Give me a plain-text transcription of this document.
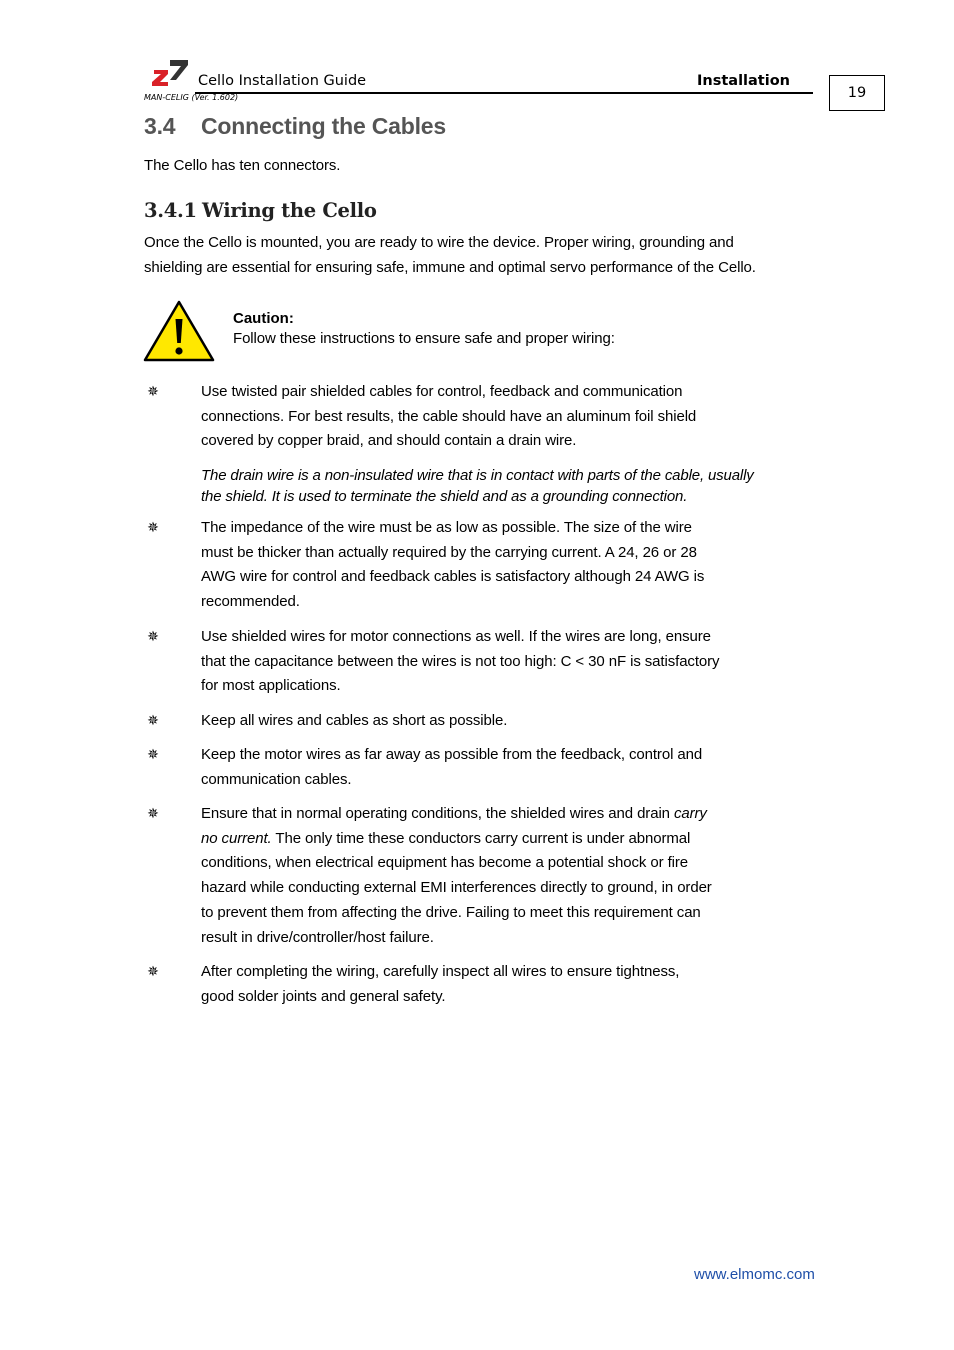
Cello Installation Guide	Installation
MAN-CELIG (Ver. 1.602)	19
3.4 Connecting the Cables
The Cello has ten connectors.
3.4.1 Wiring the Cello
Once the Cello is mounted, you are ready to wire the device. Proper wiring, grounding and
shielding are essential for ensuring safe, immune and optimal servo performance of the Cello.
Caution:
Follow these instructions to ensure safe and proper wiring:
✵	Use twisted pair shielded cables for control, feedback and communication
connections. For best results, the cable should have an aluminum foil shield
covered by copper braid, and should contain a drain wire.
The drain wire is a non-insulated wire that is in contact with parts of the cable, usually
the shield. It is used to terminate the shield and as a grounding connection.
✵	The impedance of the wire must be as low as possible. The size of the wire
must be thicker than actually required by the carrying current. A 24, 26 or 28
AWG wire for control and feedback cables is satisfactory although 24 AWG is
recommended.
✵	Use shielded wires for motor connections as well. If the wires are long, ensure
that the capacitance between the wires is not too high: C < 30 nF is satisfactory
for most applications.
✵	Keep all wires and cables as short as possible.
✵	Keep the motor wires as far away as possible from the feedback, control and
communication cables.
✵	Ensure that in normal operating conditions, the shielded wires and drain carry
no current. The only time these conductors carry current is under abnormal
conditions, when electrical equipment has become a potential shock or fire
hazard while conducting external EMI interferences directly to ground, in order
to prevent them from affecting the drive. Failing to meet this requirement can
result in drive/controller/host failure.
✵	After completing the wiring, carefully inspect all wires to ensure tightness,
good solder joints and general safety.
www.elmomc.com
